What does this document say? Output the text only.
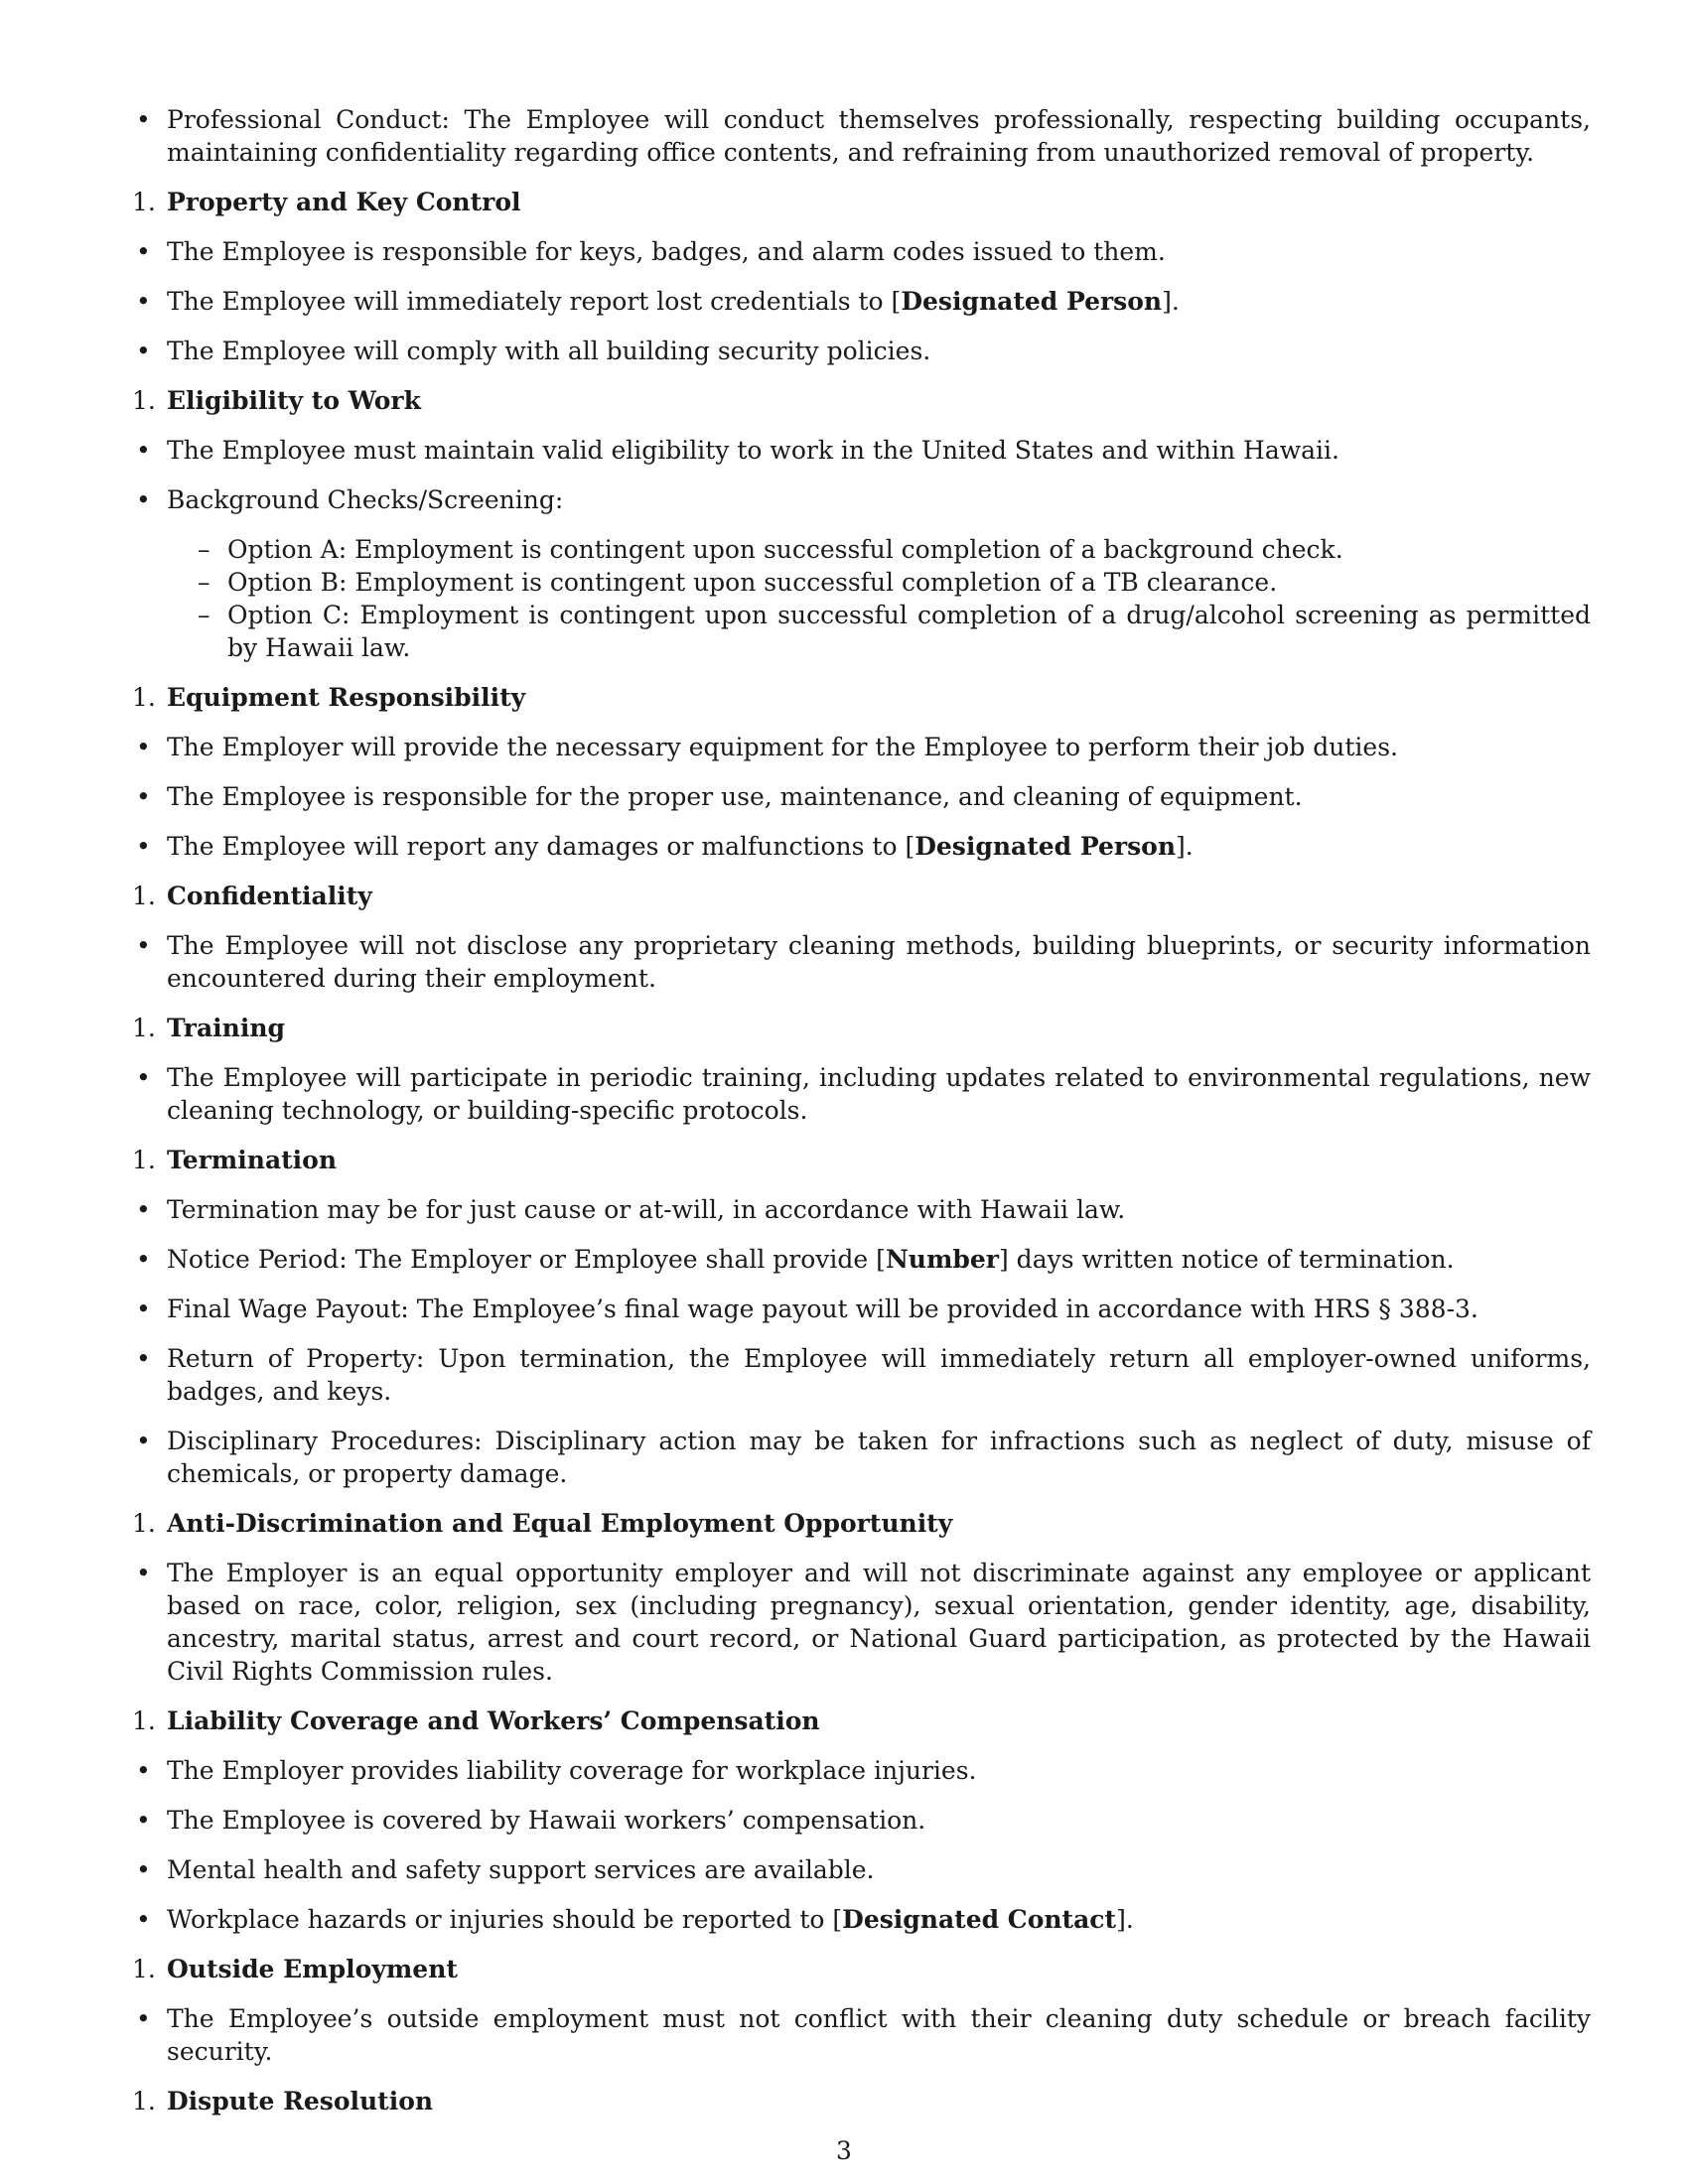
• Professional Conduct: The Employee will conduct themselves professionally, respecting building occupants, maintaining confidentiality regarding office contents, and refraining from unauthorized removal of property.
1. Property and Key Control
• The Employee is responsible for keys, badges, and alarm codes issued to them.
• The Employee will immediately report lost credentials to [Designated Person].
• The Employee will comply with all building security policies.
1. Eligibility to Work
• The Employee must maintain valid eligibility to work in the United States and within Hawaii.
• Background Checks/Screening:
– Option A: Employment is contingent upon successful completion of a background check.
– Option B: Employment is contingent upon successful completion of a TB clearance.
– Option C: Employment is contingent upon successful completion of a drug/alcohol screening as permitted by Hawaii law.
1. Equipment Responsibility
• The Employer will provide the necessary equipment for the Employee to perform their job duties.
• The Employee is responsible for the proper use, maintenance, and cleaning of equipment.
• The Employee will report any damages or malfunctions to [Designated Person].
1. Confidentiality
• The Employee will not disclose any proprietary cleaning methods, building blueprints, or security information encountered during their employment.
1. Training
• The Employee will participate in periodic training, including updates related to environmental regulations, new cleaning technology, or building-specific protocols.
1. Termination
• Termination may be for just cause or at-will, in accordance with Hawaii law.
• Notice Period: The Employer or Employee shall provide [Number] days written notice of termination.
• Final Wage Payout: The Employee’s final wage payout will be provided in accordance with HRS § 388-3.
• Return of Property: Upon termination, the Employee will immediately return all employer-owned uniforms, badges, and keys.
• Disciplinary Procedures: Disciplinary action may be taken for infractions such as neglect of duty, misuse of chemicals, or property damage.
1. Anti-Discrimination and Equal Employment Opportunity
• The Employer is an equal opportunity employer and will not discriminate against any employee or applicant based on race, color, religion, sex (including pregnancy), sexual orientation, gender identity, age, disability, ancestry, marital status, arrest and court record, or National Guard participation, as protected by the Hawaii Civil Rights Commission rules.
1. Liability Coverage and Workers’ Compensation
• The Employer provides liability coverage for workplace injuries.
• The Employee is covered by Hawaii workers’ compensation.
• Mental health and safety support services are available.
• Workplace hazards or injuries should be reported to [Designated Contact].
1. Outside Employment
• The Employee’s outside employment must not conflict with their cleaning duty schedule or breach facility security.
1. Dispute Resolution
3
